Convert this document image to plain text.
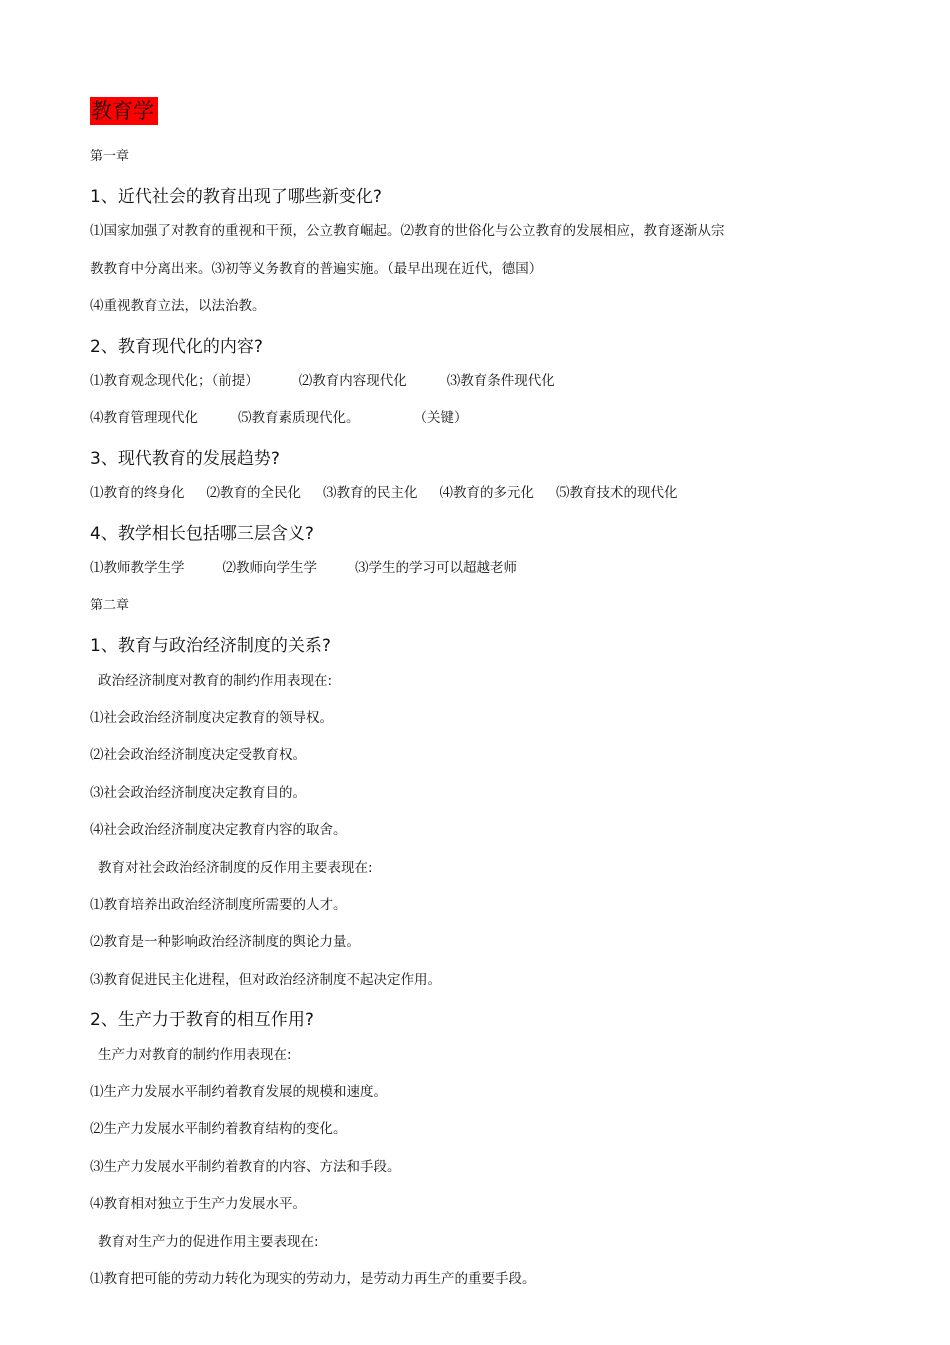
教育学
第一章
1、近代社会的教育出现了哪些新变化?
⑴国家加强了对教育的重视和干预，公立教育崛起。⑵教育的世俗化与公立教育的发展相应，教育逐渐从宗
教教育中分离出来。⑶初等义务教育的普遍实施。（最早出现在近代，德国）
⑷重视教育立法，以法治教。
2、教育现代化的内容?
⑴教育观念现代化；（前提）	⑵教育内容现代化	⑶教育条件现代化
⑷教育管理现代化	⑸教育素质现代化。	（关键）
3、现代教育的发展趋势?
⑴教育的终身化 ⑵教育的全民化 ⑶教育的民主化 ⑷教育的多元化 ⑸教育技术的现代化
4、教学相长包括哪三层含义?
⑴教师教学生学	⑵教师向学生学	⑶学生的学习可以超越老师
第二章
1、教育与政治经济制度的关系?
政治经济制度对教育的制约作用表现在:
⑴社会政治经济制度决定教育的领导权。
⑵社会政治经济制度决定受教育权。
⑶社会政治经济制度决定教育目的。
⑷社会政治经济制度决定教育内容的取舍。
教育对社会政治经济制度的反作用主要表现在:
⑴教育培养出政治经济制度所需要的人才。
⑵教育是一种影响政治经济制度的舆论力量。
⑶教育促进民主化进程，但对政治经济制度不起决定作用。
2、生产力于教育的相互作用?
生产力对教育的制约作用表现在:
⑴生产力发展水平制约着教育发展的规模和速度。
⑵生产力发展水平制约着教育结构的变化。
⑶生产力发展水平制约着教育的内容、方法和手段。
⑷教育相对独立于生产力发展水平。
教育对生产力的促进作用主要表现在:
⑴教育把可能的劳动力转化为现实的劳动力，是劳动力再生产的重要手段。
